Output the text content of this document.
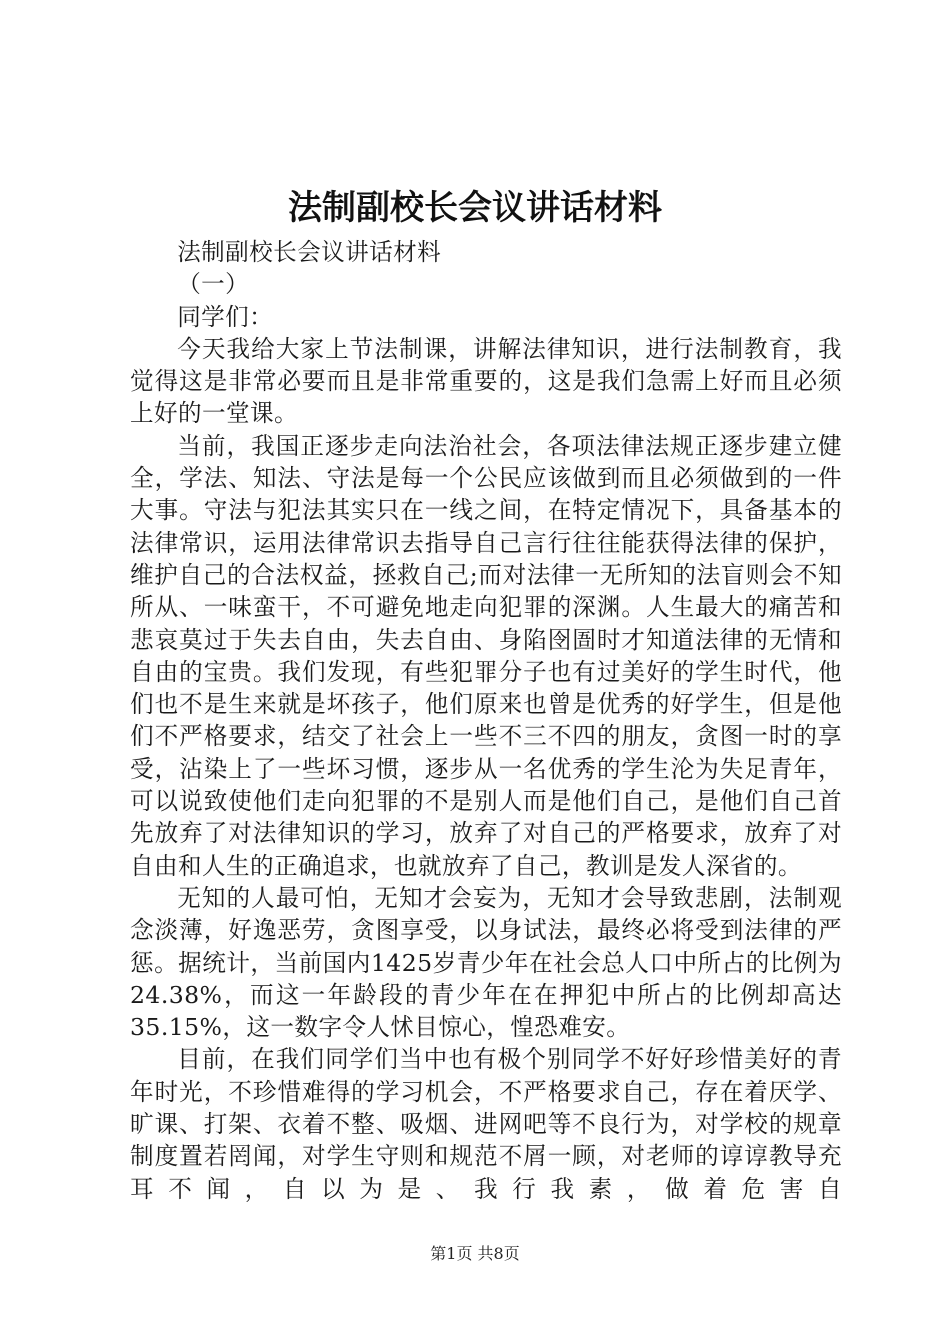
法制副校长会议讲话材料

法制副校长会议讲话材料

（一）

同学们：

今天我给大家上节法制课，讲解法律知识，进行法制教育，我觉得这是非常必要而且是非常重要的，这是我们急需上好而且必须上好的一堂课。

当前，我国正逐步走向法治社会，各项法律法规正逐步建立健全，学法、知法、守法是每一个公民应该做到而且必须做到的一件大事。守法与犯法其实只在一线之间，在特定情况下，具备基本的法律常识，运用法律常识去指导自己言行往往能获得法律的保护，维护自己的合法权益，拯救自己;而对法律一无所知的法盲则会不知所从、一味蛮干，不可避免地走向犯罪的深渊。人生最大的痛苦和悲哀莫过于失去自由，失去自由、身陷囹圄时才知道法律的无情和自由的宝贵。我们发现，有些犯罪分子也有过美好的学生时代，他们也不是生来就是坏孩子，他们原来也曾是优秀的好学生，但是他们不严格要求，结交了社会上一些不三不四的朋友，贪图一时的享受，沾染上了一些坏习惯，逐步从一名优秀的学生沦为失足青年，可以说致使他们走向犯罪的不是别人而是他们自己，是他们自己首先放弃了对法律知识的学习，放弃了对自己的严格要求，放弃了对自由和人生的正确追求，也就放弃了自己，教训是发人深省的。

无知的人最可怕，无知才会妄为，无知才会导致悲剧，法制观念淡薄，好逸恶劳，贪图享受，以身试法，最终必将受到法律的严惩。据统计，当前国内1425岁青少年在社会总人口中所占的比例为24.38%，而这一年龄段的青少年在在押犯中所占的比例却高达35.15%，这一数字令人怵目惊心，惶恐难安。

目前，在我们同学们当中也有极个别同学不好好珍惜美好的青年时光，不珍惜难得的学习机会，不严格要求自己，存在着厌学、旷课、打架、衣着不整、吸烟、进网吧等不良行为，对学校的规章制度置若罔闻，对学生守则和规范不屑一顾，对老师的谆谆教导充耳不闻，自以为是、我行我素，做着危害自

第1页 共8页
